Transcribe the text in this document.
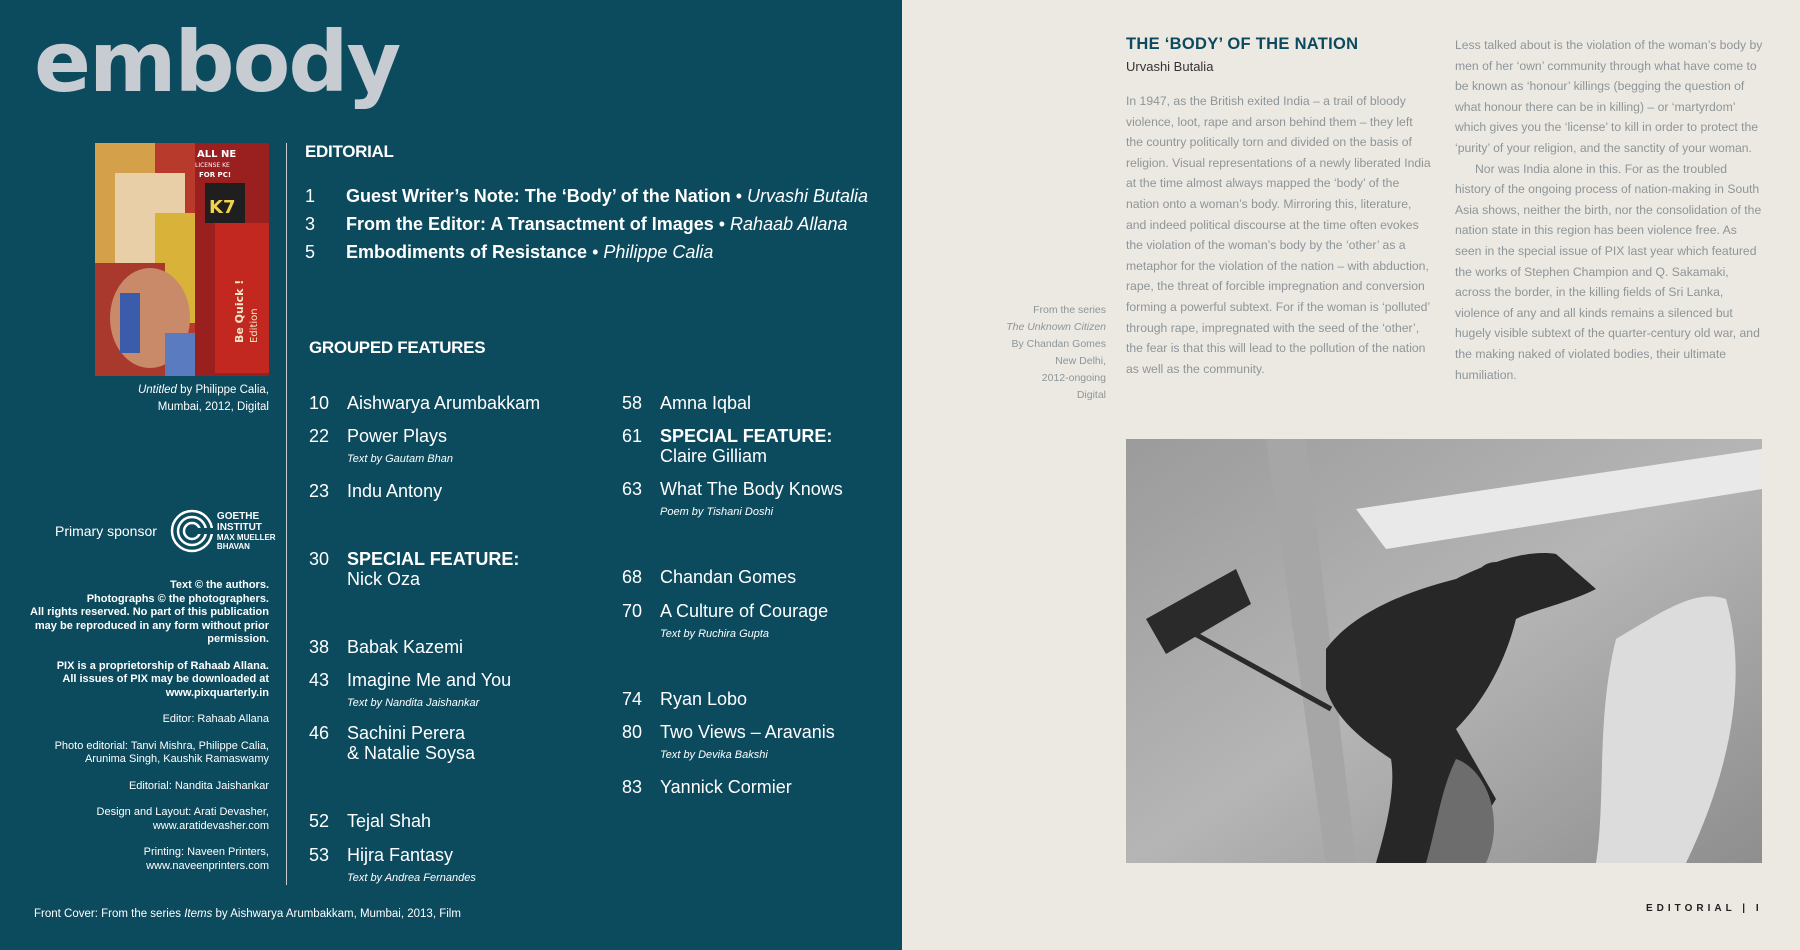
embody
ALL NE
LICENSE KE
FOR PC!
K7
Be Quick ! Edition
Untitled by Philippe Calia,
Mumbai, 2012, Digital
Primary sponsor
GOETHE
INSTITUT
MAX MUELLER
BHAVAN

Text © the authors.
Photographs © the photographers.
All rights reserved. No part of this publication may be reproduced in any form without prior permission.

PIX is a proprietorship of Rahaab Allana.
All issues of PIX may be downloaded at www.pixquarterly.in

Editor: Rahaab Allana

Photo editorial: Tanvi Mishra, Philippe Calia, Arunima Singh, Kaushik Ramaswamy

Editorial: Nandita Jaishankar

Design and Layout: Arati Devasher, www.aratidevasher.com

Printing: Naveen Printers, www.naveenprinters.com

Front Cover: From the series Items by Aishwarya Arumbakkam, Mumbai, 2013, Film
EDITORIAL
1 Guest Writer’s Note: The ‘Body’ of the Nation • Urvashi Butalia
3 From the Editor: A Transactment of Images • Rahaab Allana
5 Embodiments of Resistance • Philippe Calia
GROUPED FEATURES
10 Aishwarya Arumbakkam
22 Power Plays
Text by Gautam Bhan
23 Indu Antony
30 SPECIAL FEATURE:
Nick Oza
38 Babak Kazemi
43 Imagine Me and You
Text by Nandita Jaishankar
46 Sachini Perera
& Natalie Soysa
52 Tejal Shah
53 Hijra Fantasy
Text by Andrea Fernandes
58 Amna Iqbal
61 SPECIAL FEATURE:
Claire Gilliam
63 What The Body Knows
Poem by Tishani Doshi
68 Chandan Gomes
70 A Culture of Courage
Text by Ruchira Gupta
74 Ryan Lobo
80 Two Views – Aravanis
Text by Devika Bakshi
83 Yannick Cormier
THE ‘BODY’ OF THE NATION
Urvashi Butalia

In 1947, as the British exited India – a trail of bloody violence, loot, rape and arson behind them – they left the country politically torn and divided on the basis of religion. Visual representations of a newly liberated India at the time almost always mapped the ‘body’ of the nation onto a woman’s body. Mirroring this, literature, and indeed political discourse at the time often evokes the violation of the woman’s body by the ‘other’ as a metaphor for the violation of the nation – with abduction, rape, the threat of forcible impregnation and conversion forming a powerful subtext. For if the woman is ‘polluted’ through rape, impregnated with the seed of the ‘other’, the fear is that this will lead to the pollution of the nation as well as the community.

Less talked about is the violation of the woman’s body by men of her ‘own’ community through what have come to be known as ‘honour’ killings (begging the question of what honour there can be in killing) – or ‘martyrdom’ which gives you the ‘license’ to kill in order to protect the ‘purity’ of your religion, and the sanctity of your woman.

Nor was India alone in this. For as the troubled history of the ongoing process of nation-making in South Asia shows, neither the birth, nor the consolidation of the nation state in this region has been violence free. As seen in the special issue of PIX last year which featured the works of Stephen Champion and Q. Sakamaki, across the border, in the killing fields of Sri Lanka, violence of any and all kinds remains a silenced but hugely visible subtext of the quarter-century old war, and the making naked of violated bodies, their ultimate humiliation.

From the series
The Unknown Citizen
By Chandan Gomes
New Delhi,
2012-ongoing
Digital
EDITORIAL | I
